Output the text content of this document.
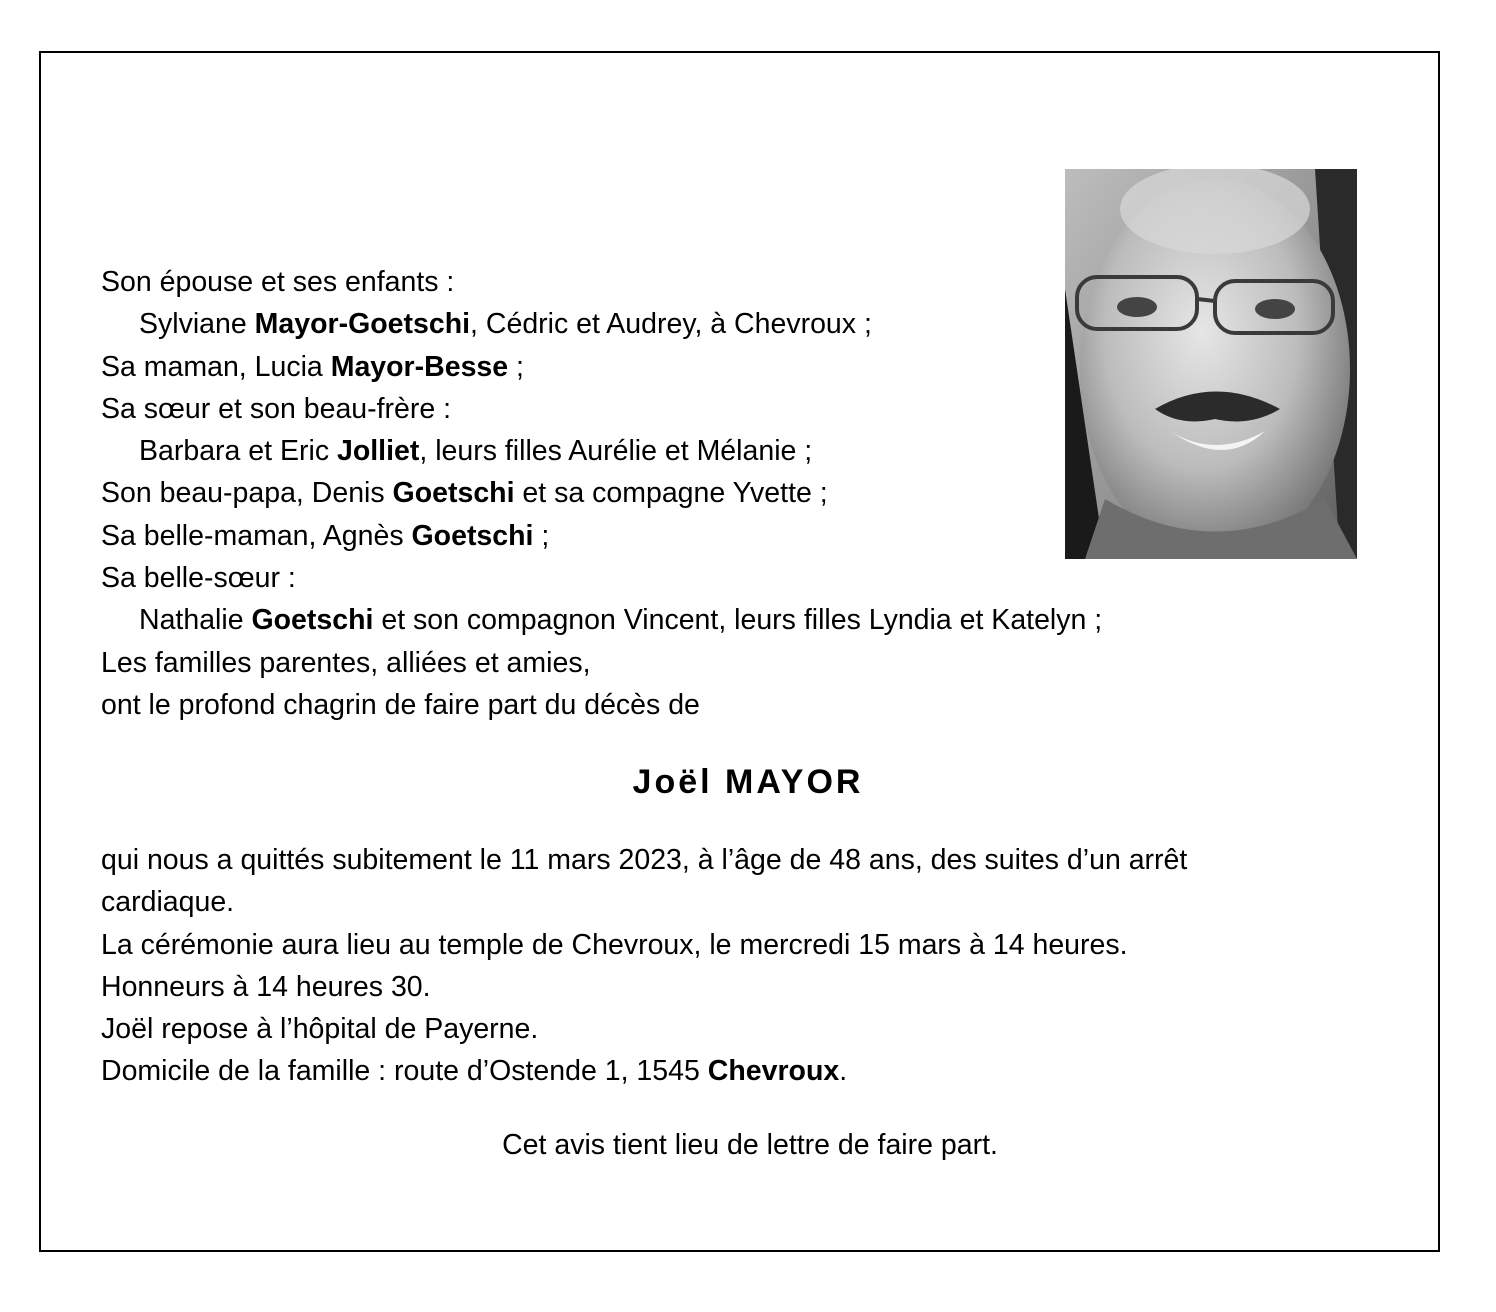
Son épouse et ses enfants :
Sylviane Mayor-Goetschi, Cédric et Audrey, à Chevroux ;
Sa maman, Lucia Mayor-Besse ;
Sa sœur et son beau-frère :
Barbara et Eric Jolliet, leurs filles Aurélie et Mélanie ;
Son beau-papa, Denis Goetschi et sa compagne Yvette ;
Sa belle-maman, Agnès Goetschi ;
Sa belle-sœur :
Nathalie Goetschi et son compagnon Vincent, leurs filles Lyndia et Katelyn ;
Les familles parentes, alliées et amies,
ont le profond chagrin de faire part du décès de
Joël MAYOR
qui nous a quittés subitement le 11 mars 2023, à l’âge de 48 ans, des suites d’un arrêt
cardiaque.
La cérémonie aura lieu au temple de Chevroux, le mercredi 15 mars à 14 heures.
Honneurs à 14 heures 30.
Joël repose à l’hôpital de Payerne.
Domicile de la famille : route d’Ostende 1, 1545 Chevroux.
Cet avis tient lieu de lettre de faire part.
